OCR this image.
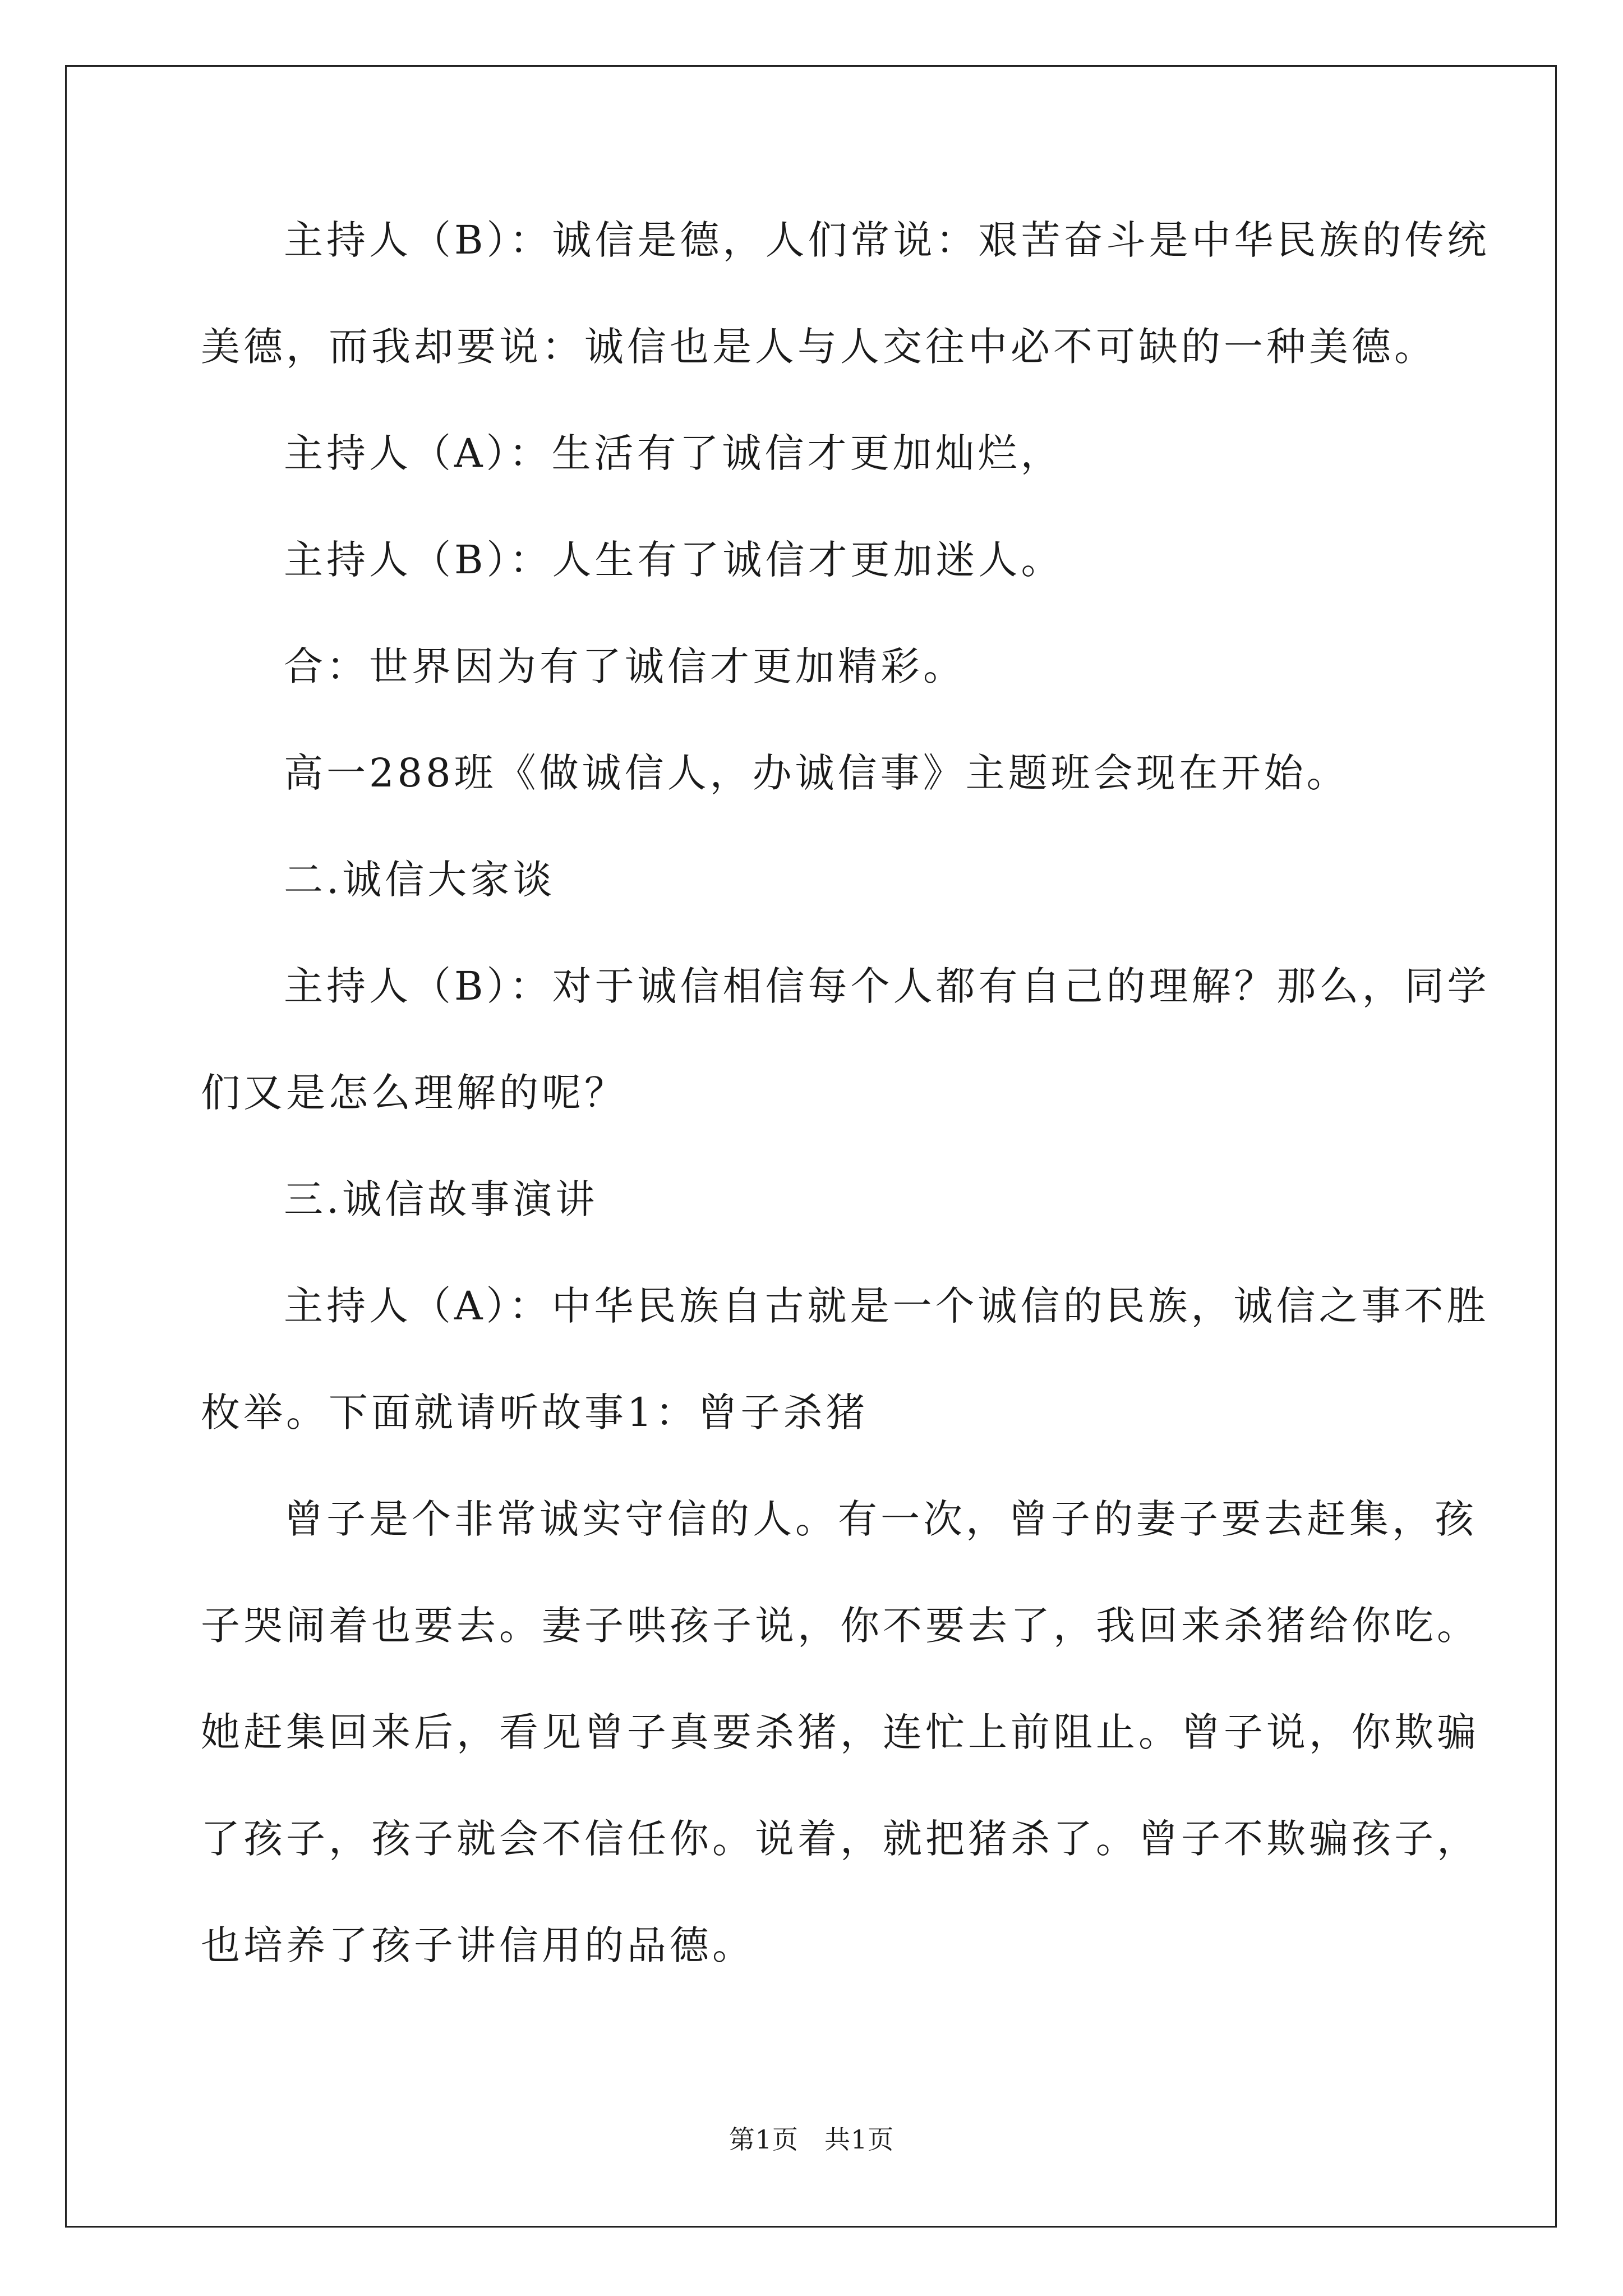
主持人（B）：诚信是德，人们常说：艰苦奋斗是中华民族的传统
美德，而我却要说：诚信也是人与人交往中必不可缺的一种美德。
主持人（A）：生活有了诚信才更加灿烂，
主持人（B）：人生有了诚信才更加迷人。
合：世界因为有了诚信才更加精彩。
高一288班《做诚信人，办诚信事》主题班会现在开始。
二.诚信大家谈
主持人（B）：对于诚信相信每个人都有自己的理解？那么，同学
们又是怎么理解的呢？
三.诚信故事演讲
主持人（A）：中华民族自古就是一个诚信的民族，诚信之事不胜
枚举。下面就请听故事1：曾子杀猪
曾子是个非常诚实守信的人。有一次，曾子的妻子要去赶集，孩
子哭闹着也要去。妻子哄孩子说，你不要去了，我回来杀猪给你吃。
她赶集回来后，看见曾子真要杀猪，连忙上前阻止。曾子说，你欺骗
了孩子，孩子就会不信任你。说着，就把猪杀了。曾子不欺骗孩子，
也培养了孩子讲信用的品德。
第1页 共1页
